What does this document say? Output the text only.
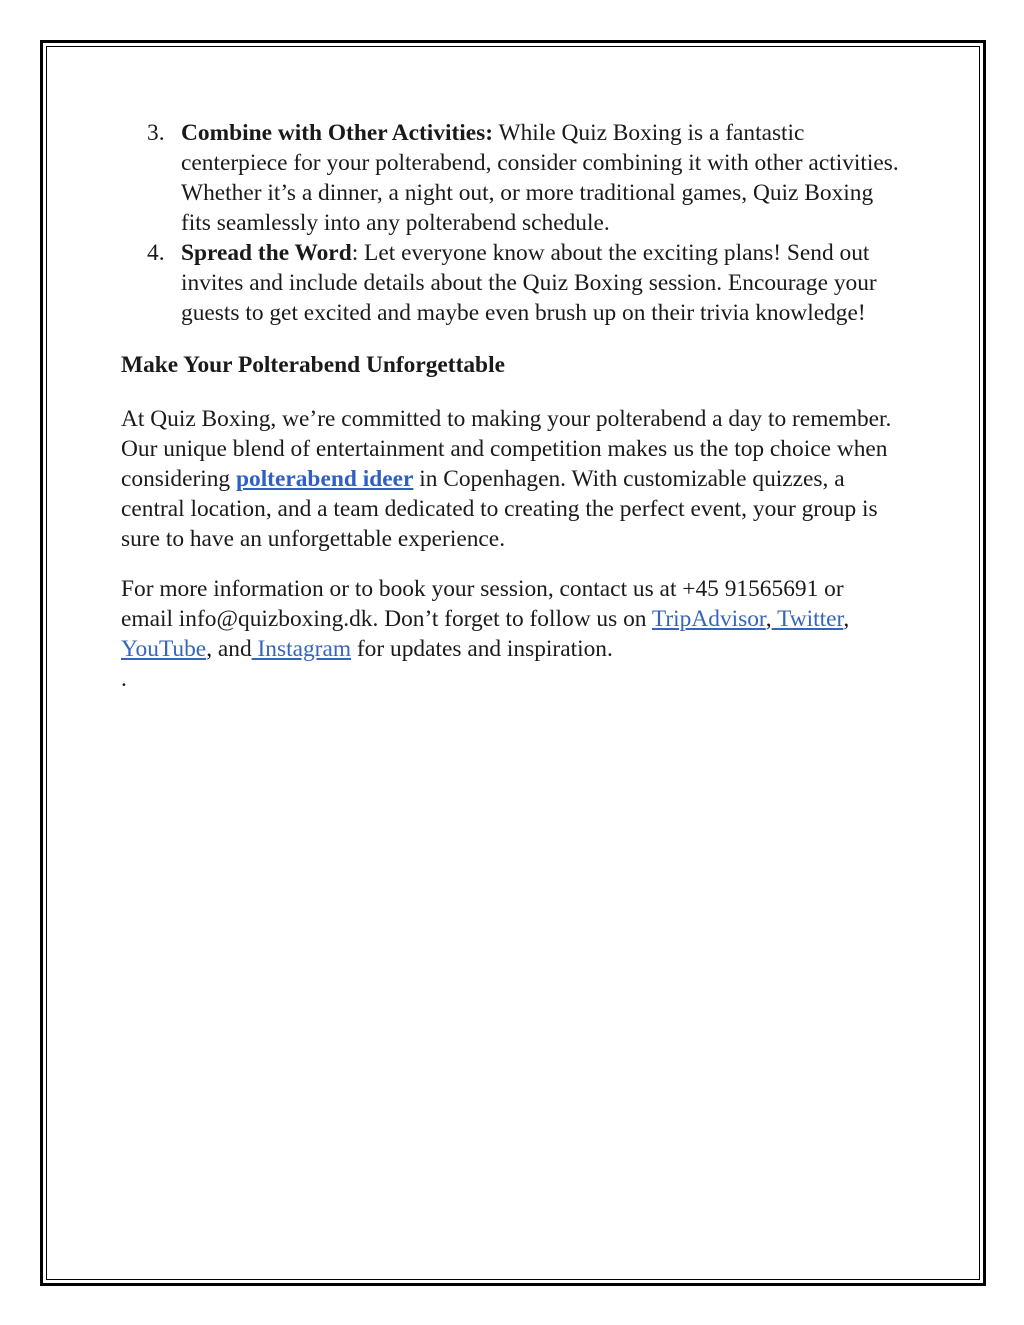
3. Combine with Other Activities: While Quiz Boxing is a fantastic centerpiece for your polterabend, consider combining it with other activities. Whether it’s a dinner, a night out, or more traditional games, Quiz Boxing fits seamlessly into any polterabend schedule.
4. Spread the Word: Let everyone know about the exciting plans! Send out invites and include details about the Quiz Boxing session. Encourage your guests to get excited and maybe even brush up on their trivia knowledge!
Make Your Polterabend Unforgettable

At Quiz Boxing, we’re committed to making your polterabend a day to remember. Our unique blend of entertainment and competition makes us the top choice when considering polterabend ideer in Copenhagen. With customizable quizzes, a central location, and a team dedicated to creating the perfect event, your group is sure to have an unforgettable experience.

For more information or to book your session, contact us at +45 91565691 or email info@quizboxing.dk. Don’t forget to follow us on TripAdvisor, Twitter, YouTube, and Instagram for updates and inspiration.

.
